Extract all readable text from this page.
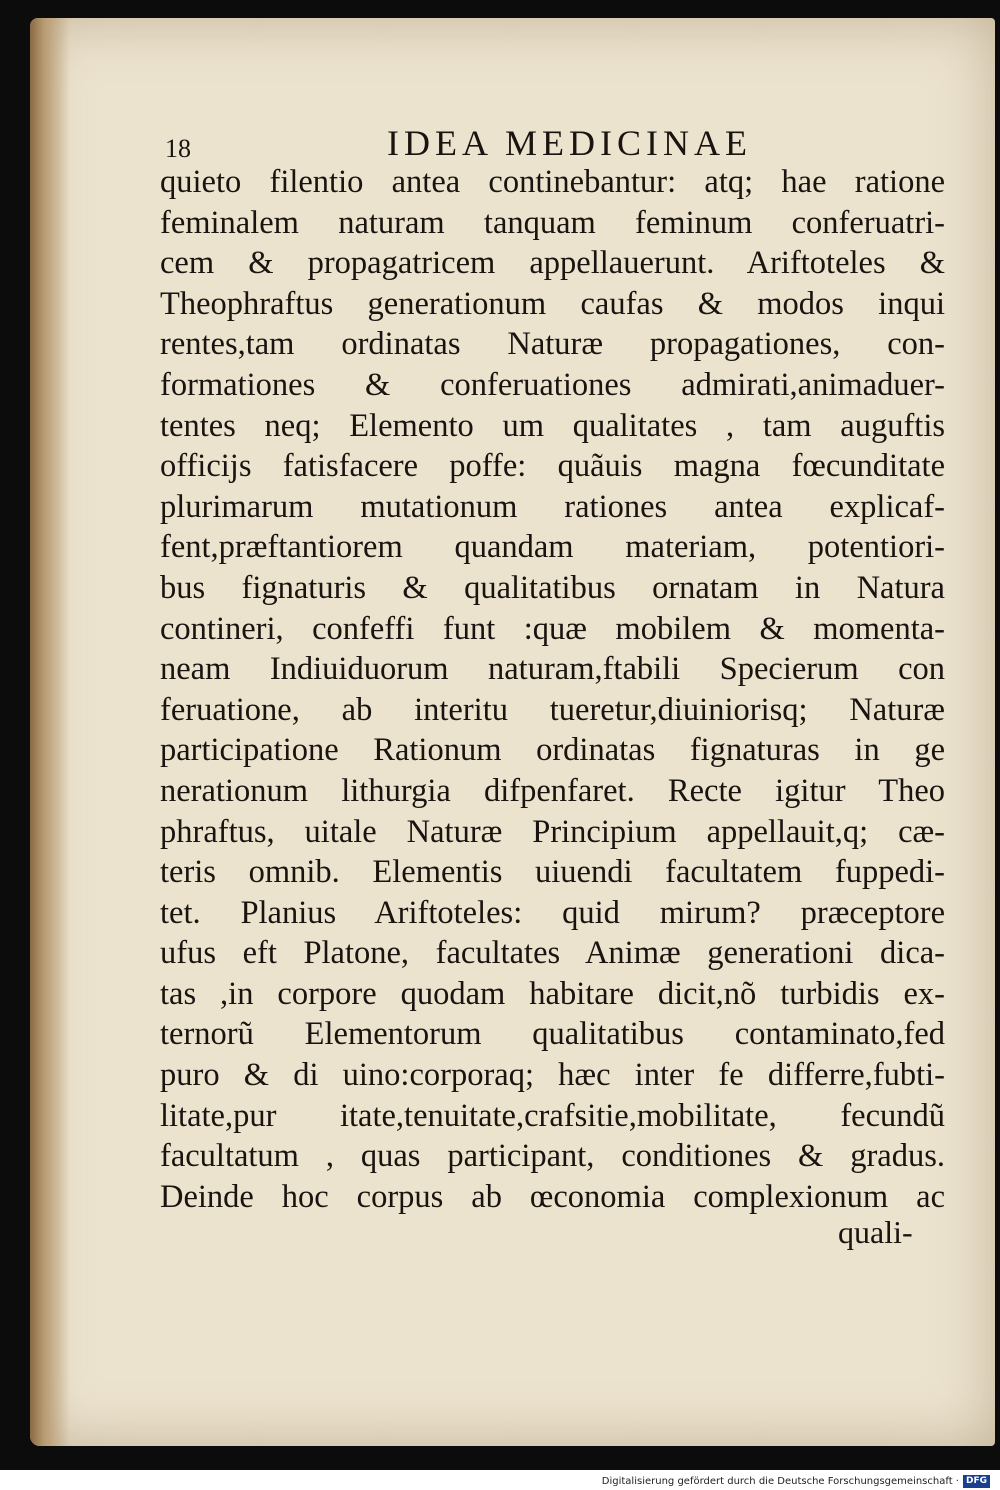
18	IDEA MEDICINAE
quieto filentio antea continebantur: atq; hae ratione
feminalem naturam tanquam feminum conferuatri-
cem & propagatricem appellauerunt. Ariftoteles &
Theophraftus generationum caufas & modos inqui
rentes,tam ordinatas Naturæ propagationes, con-
formationes & conferuationes admirati,animaduer-
tentes neq; Elemento um qualitates , tam auguftis
officijs fatisfacere poffe: quãuis magna fœcunditate
plurimarum mutationum rationes antea explicaf-
fent,præftantiorem quandam materiam, potentiori-
bus fignaturis & qualitatibus ornatam in Natura
contineri, confeffi funt :quæ mobilem & momenta-
neam Indiuiduorum naturam,ftabili Specierum con
feruatione, ab interitu tueretur,diuiniorisq; Naturæ
participatione Rationum ordinatas fignaturas in ge
nerationum lithurgia difpenfaret. Recte igitur Theo
phraftus, uitale Naturæ Principium appellauit,q; cæ-
teris omnib. Elementis uiuendi facultatem fuppedi-
tet. Planius Ariftoteles: quid mirum? præceptore
ufus eft Platone, facultates Animæ generationi dica-
tas ,in corpore quodam habitare dicit,nõ turbidis ex-
ternorũ Elementorum qualitatibus contaminato,fed
puro & di uino:corporaq; hæc inter fe differre,fubti-
litate,pur itate,tenuitate,crafsitie,mobilitate, fecundũ
facultatum , quas participant, conditiones & gradus.
Deinde hoc corpus ab œconomia complexionum ac
quali-
Digitalisierung gefördert durch die Deutsche Forschungsgemeinschaft · DFG
